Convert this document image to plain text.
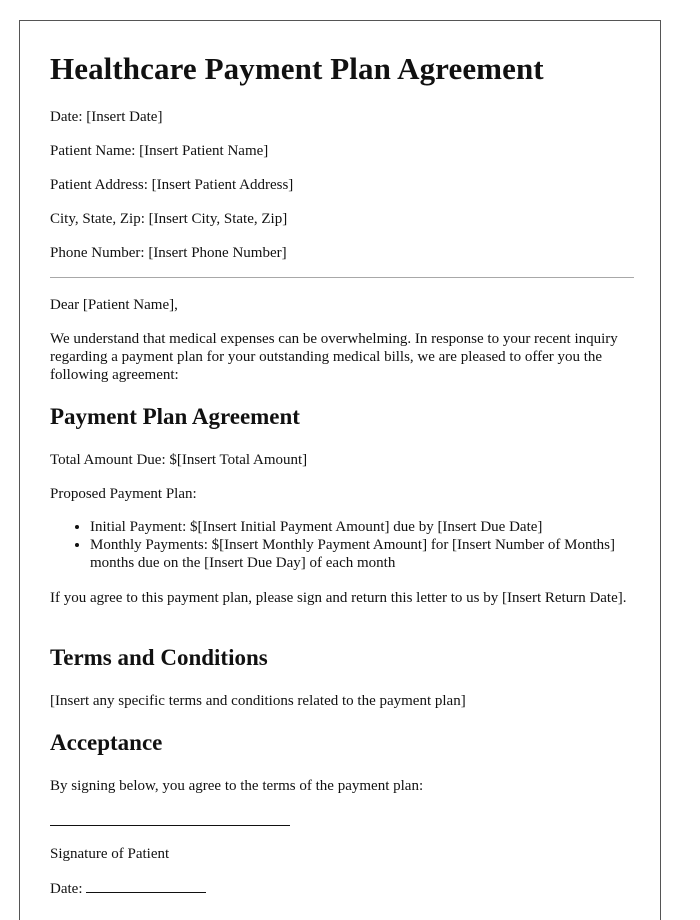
Healthcare Payment Plan Agreement
Date: [Insert Date]
Patient Name: [Insert Patient Name]
Patient Address: [Insert Patient Address]
City, State, Zip: [Insert City, State, Zip]
Phone Number: [Insert Phone Number]
Dear [Patient Name],
We understand that medical expenses can be overwhelming. In response to your recent inquiry regarding a payment plan for your outstanding medical bills, we are pleased to offer you the following agreement:
Payment Plan Agreement
Total Amount Due: $[Insert Total Amount]
Proposed Payment Plan:
• Initial Payment: $[Insert Initial Payment Amount] due by [Insert Due Date]
• Monthly Payments: $[Insert Monthly Payment Amount] for [Insert Number of Months] months due on the [Insert Due Day] of each month
If you agree to this payment plan, please sign and return this letter to us by [Insert Return Date].
Terms and Conditions
[Insert any specific terms and conditions related to the payment plan]
Acceptance
By signing below, you agree to the terms of the payment plan:
Signature of Patient
Date:
